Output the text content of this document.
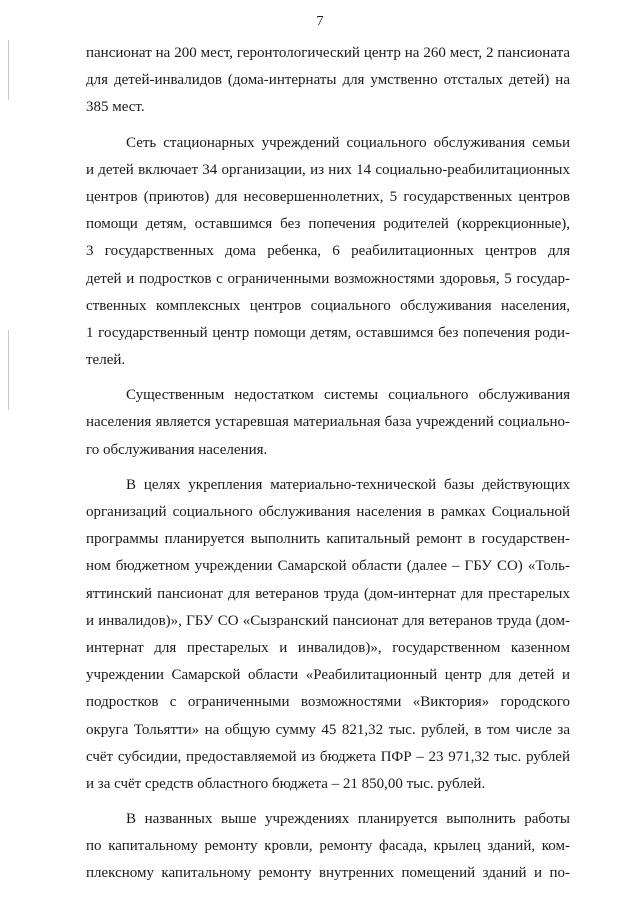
7
пансионат на 200 мест, геронтологический центр на 260 мест, 2 пансионата
для детей-инвалидов (дома-интернаты для умственно отсталых детей) на
385 мест.
Сеть стационарных учреждений социального обслуживания семьи
и детей включает 34 организации, из них 14 социально-реабилитационных
центров (приютов) для несовершеннолетних, 5 государственных центров
помощи детям, оставшимся без попечения родителей (коррекционные),
3 государственных дома ребенка, 6 реабилитационных центров для
детей и подростков с ограниченными возможностями здоровья, 5 государ-
ственных комплексных центров социального обслуживания населения,
1 государственный центр помощи детям, оставшимся без попечения роди-
телей.
Существенным недостатком системы социального обслуживания
населения является устаревшая материальная база учреждений социально-
го обслуживания населения.
В целях укрепления материально-технической базы действующих
организаций социального обслуживания населения в рамках Социальной
программы планируется выполнить капитальный ремонт в государствен-
ном бюджетном учреждении Самарской области (далее – ГБУ СО) «Толь-
яттинский пансионат для ветеранов труда (дом-интернат для престарелых
и инвалидов)», ГБУ СО «Сызранский пансионат для ветеранов труда (дом-
интернат для престарелых и инвалидов)», государственном казенном
учреждении Самарской области «Реабилитационный центр для детей и
подростков с ограниченными возможностями «Виктория» городского
округа Тольятти» на общую сумму 45 821,32 тыс. рублей, в том числе за
счёт субсидии, предоставляемой из бюджета ПФР – 23 971,32 тыс. рублей
и за счёт средств областного бюджета – 21 850,00 тыс. рублей.
В названных выше учреждениях планируется выполнить работы
по капитальному ремонту кровли, ремонту фасада, крылец зданий, ком-
плексному капитальному ремонту внутренних помещений зданий и по-
